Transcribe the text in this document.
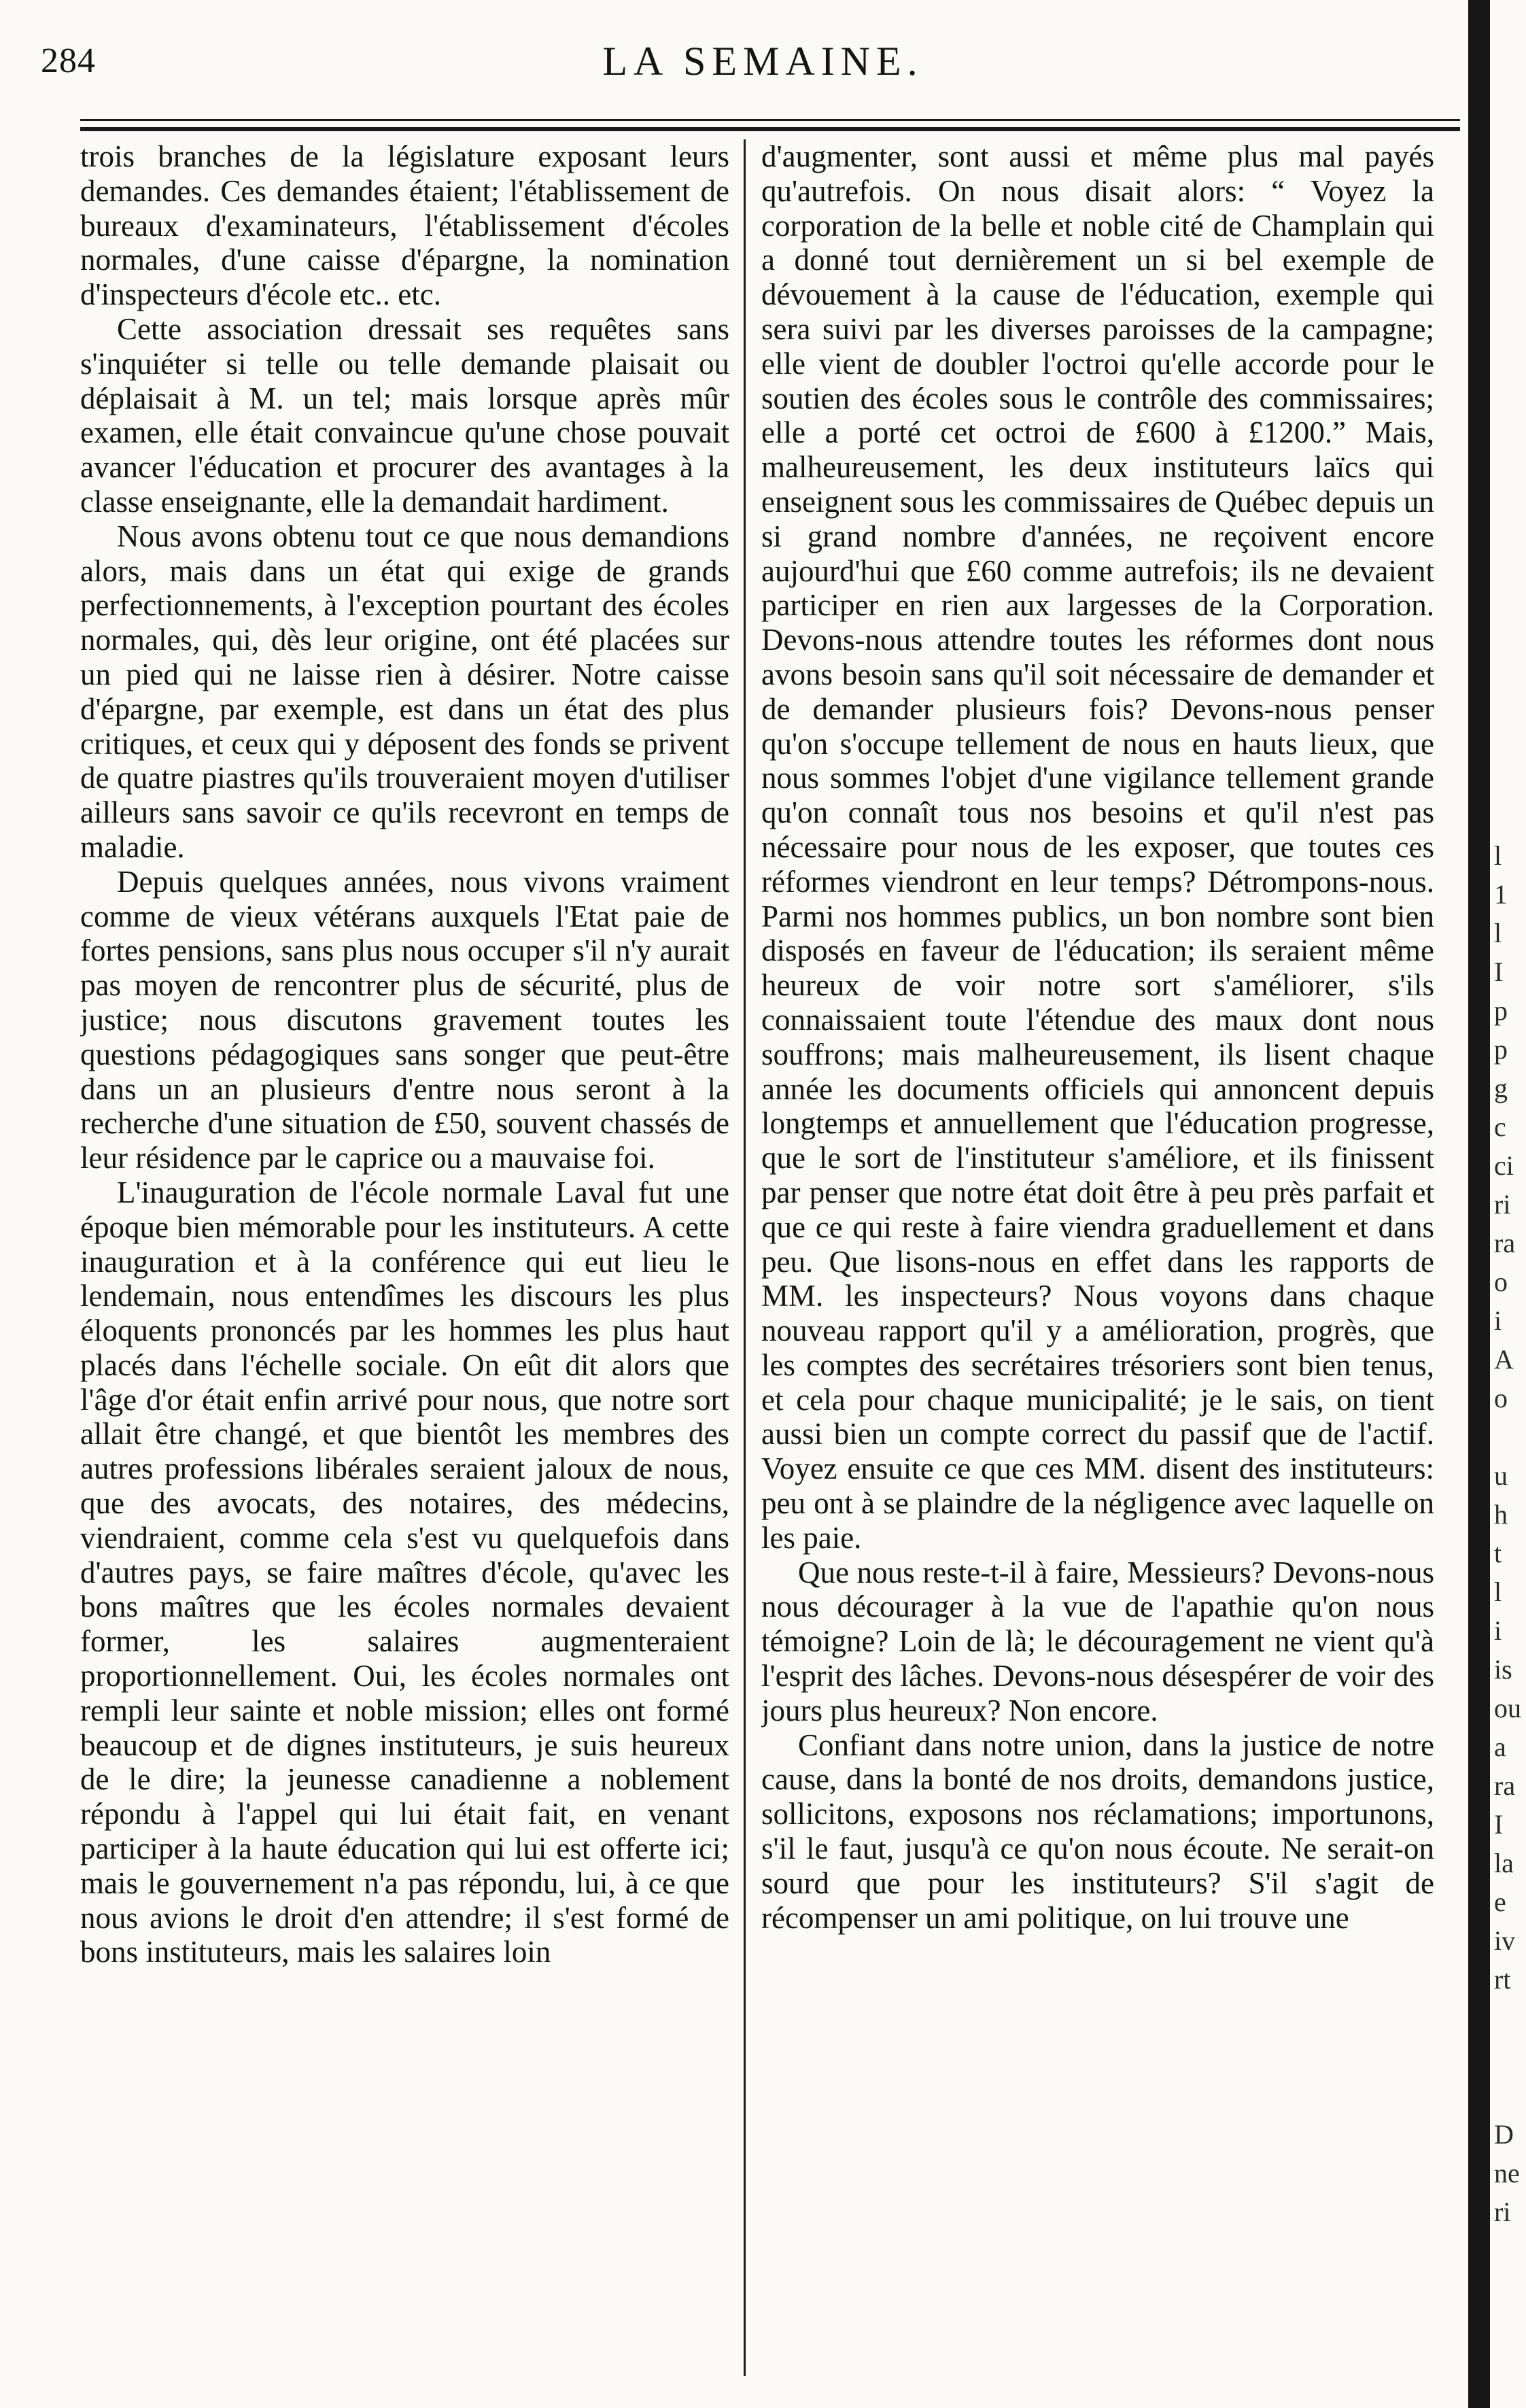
284	LA SEMAINE.

trois branches de la législature exposant leurs demandes. Ces demandes étaient; l'établissement de bureaux d'examinateurs, l'établissement d'écoles normales, d'une caisse d'épargne, la nomination d'inspecteurs d'école etc.. etc.

Cette association dressait ses requêtes sans s'inquiéter si telle ou telle demande plaisait ou déplaisait à M. un tel; mais lorsque après mûr examen, elle était convaincue qu'une chose pouvait avancer l'éducation et procurer des avantages à la classe enseignante, elle la demandait hardiment.

Nous avons obtenu tout ce que nous demandions alors, mais dans un état qui exige de grands perfectionnements, à l'exception pourtant des écoles normales, qui, dès leur origine, ont été placées sur un pied qui ne laisse rien à désirer. Notre caisse d'épargne, par exemple, est dans un état des plus critiques, et ceux qui y déposent des fonds se privent de quatre piastres qu'ils trouveraient moyen d'utiliser ailleurs sans savoir ce qu'ils recevront en temps de maladie.

Depuis quelques années, nous vivons vraiment comme de vieux vétérans auxquels l'Etat paie de fortes pensions, sans plus nous occuper s'il n'y aurait pas moyen de rencontrer plus de sécurité, plus de justice; nous discutons gravement toutes les questions pédagogiques sans songer que peut-être dans un an plusieurs d'entre nous seront à la recherche d'une situation de £50, souvent chassés de leur résidence par le caprice ou a mauvaise foi.

L'inauguration de l'école normale Laval fut une époque bien mémorable pour les instituteurs. A cette inauguration et à la conférence qui eut lieu le lendemain, nous entendîmes les discours les plus éloquents prononcés par les hommes les plus haut placés dans l'échelle sociale. On eût dit alors que l'âge d'or était enfin arrivé pour nous, que notre sort allait être changé, et que bientôt les membres des autres professions libérales seraient jaloux de nous, que des avocats, des notaires, des médecins, viendraient, comme cela s'est vu quelquefois dans d'autres pays, se faire maîtres d'école, qu'avec les bons maîtres que les écoles normales devaient former, les salaires augmenteraient proportionnellement. Oui, les écoles normales ont rempli leur sainte et noble mission; elles ont formé beaucoup et de dignes instituteurs, je suis heureux de le dire; la jeunesse canadienne a noblement répondu à l'appel qui lui était fait, en venant participer à la haute éducation qui lui est offerte ici; mais le gouvernement n'a pas répondu, lui, à ce que nous avions le droit d'en attendre; il s'est formé de bons instituteurs, mais les salaires loin

d'augmenter, sont aussi et même plus mal payés qu'autrefois. On nous disait alors: “ Voyez la corporation de la belle et noble cité de Champlain qui a donné tout dernièrement un si bel exemple de dévouement à la cause de l'éducation, exemple qui sera suivi par les diverses paroisses de la campagne; elle vient de doubler l'octroi qu'elle accorde pour le soutien des écoles sous le contrôle des commissaires; elle a porté cet octroi de £600 à £1200.” Mais, malheureusement, les deux instituteurs laïcs qui enseignent sous les commissaires de Québec depuis un si grand nombre d'années, ne reçoivent encore aujourd'hui que £60 comme autrefois; ils ne devaient participer en rien aux largesses de la Corporation. Devons-nous attendre toutes les réformes dont nous avons besoin sans qu'il soit nécessaire de demander et de demander plusieurs fois? Devons-nous penser qu'on s'occupe tellement de nous en hauts lieux, que nous sommes l'objet d'une vigilance tellement grande qu'on connaît tous nos besoins et qu'il n'est pas nécessaire pour nous de les exposer, que toutes ces réformes viendront en leur temps? Détrompons-nous. Parmi nos hommes publics, un bon nombre sont bien disposés en faveur de l'éducation; ils seraient même heureux de voir notre sort s'améliorer, s'ils connaissaient toute l'étendue des maux dont nous souffrons; mais malheureusement, ils lisent chaque année les documents officiels qui annoncent depuis longtemps et annuellement que l'éducation progresse, que le sort de l'instituteur s'améliore, et ils finissent par penser que notre état doit être à peu près parfait et que ce qui reste à faire viendra graduellement et dans peu. Que lisons-nous en effet dans les rapports de MM. les inspecteurs? Nous voyons dans chaque nouveau rapport qu'il y a amélioration, progrès, que les comptes des secrétaires trésoriers sont bien tenus, et cela pour chaque municipalité; je le sais, on tient aussi bien un compte correct du passif que de l'actif. Voyez ensuite ce que ces MM. disent des instituteurs: peu ont à se plaindre de la négligence avec laquelle on les paie.

Que nous reste-t-il à faire, Messieurs? Devons-nous nous décourager à la vue de l'apathie qu'on nous témoigne? Loin de là; le découragement ne vient qu'à l'esprit des lâches. Devons-nous désespérer de voir des jours plus heureux? Non encore.

Confiant dans notre union, dans la justice de notre cause, dans la bonté de nos droits, demandons justice, sollicitons, exposons nos réclamations; importunons, s'il le faut, jusqu'à ce qu'on nous écoute. Ne serait-on sourd que pour les instituteurs? S'il s'agit de récompenser un ami politique, on lui trouve une

l
1
l
I
p
p
g
c
ci
ri
ra
o
i
A
o
u
h
t
l
i
is
ou
a
ra
I
la
e
iv
rt
D
ne
ri
